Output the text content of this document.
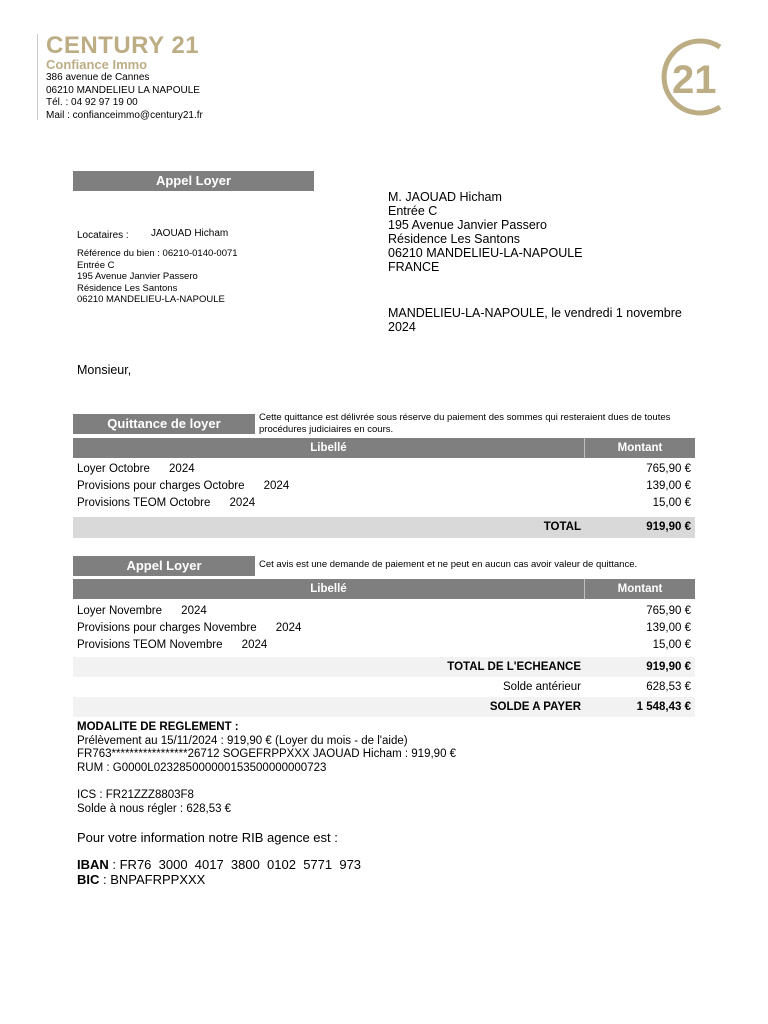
CENTURY 21
Confiance Immo
386 avenue de Cannes
06210 MANDELIEU LA NAPOULE
Tél. : 04 92 97 19 00
Mail : confianceimmo@century21.fr
21
Appel Loyer
Locataires : JAOUAD Hicham
Référence du bien : 06210-0140-0071
Entrée C
195 Avenue Janvier Passero
Résidence Les Santons
06210 MANDELIEU-LA-NAPOULE
M. JAOUAD Hicham
Entrée C
195 Avenue Janvier Passero
Résidence Les Santons
06210 MANDELIEU-LA-NAPOULE
FRANCE
MANDELIEU-LA-NAPOULE, le vendredi 1 novembre
2024
Monsieur,
Quittance de loyer	Cette quittance est délivrée sous réserve du paiement des sommes qui resteraient dues de toutes procédures judiciaires en cours.
Libellé	Montant
Loyer Octobre      2024	765,90 €
Provisions pour charges Octobre      2024	139,00 €
Provisions TEOM Octobre      2024	15,00 €
TOTAL	919,90 €
Appel Loyer	Cet avis est une demande de paiement et ne peut en aucun cas avoir valeur de quittance.
Libellé	Montant
Loyer Novembre      2024	765,90 €
Provisions pour charges Novembre      2024	139,00 €
Provisions TEOM Novembre      2024	15,00 €
TOTAL DE L'ECHEANCE	919,90 €
Solde antérieur	628,53 €
SOLDE A PAYER	1 548,43 €
MODALITE DE REGLEMENT :
Prélèvement au 15/11/2024 : 919,90 € (Loyer du mois - de l'aide)
FR763*****************26712 SOGEFRPPXXX JAOUAD Hicham : 919,90 €
RUM : G0000L023285000000153500000000723
ICS : FR21ZZZ8803F8
Solde à nous régler : 628,53 €
Pour votre information notre RIB agence est :
IBAN : FR76  3000  4017  3800  0102  5771  973
BIC : BNPAFRPPXXX
